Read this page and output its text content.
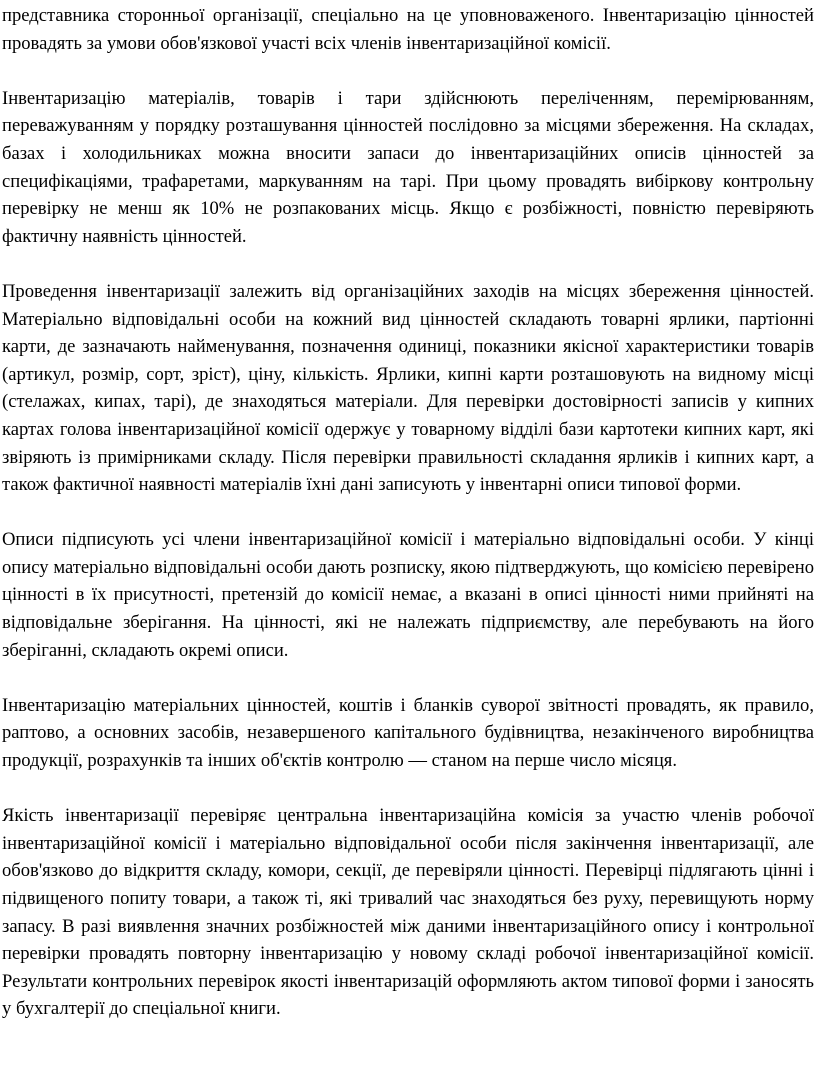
представника сторонньої організації, спеціально на це уповноваженого. Інвентаризацію цінностей провадять за умови обов'язкової участі всіх членів інвентаризаційної комісії.

Інвентаризацію матеріалів, товарів і тари здійснюють переліченням, перемірюванням, переважуванням у порядку розташування цінностей послідовно за місцями збереження. На складах, базах і холодильниках можна вносити запаси до інвентаризаційних описів цінностей за специфікаціями, трафаретами, маркуванням на тарі. При цьому провадять вибіркову контрольну перевірку не менш як 10% не розпакованих місць. Якщо є розбіжності, повністю перевіряють фактичну наявність цінностей.

Проведення інвентаризації залежить від організаційних заходів на місцях збереження цінностей. Матеріально відповідальні особи на кожний вид цінностей складають товарні ярлики, партіонні карти, де зазначають найменування, позначення одиниці, показники якісної характеристики товарів (артикул, розмір, сорт, зріст), ціну, кількість. Ярлики, кипні карти розташовують на видному місці (стелажах, кипах, тарі), де знаходяться матеріали. Для перевірки достовірності записів у кипних картах голова інвентаризаційної комісії одержує у товарному відділі бази картотеки кипних карт, які звіряють із примірниками складу. Після перевірки правильності складання ярликів і кипних карт, а також фактичної наявності матеріалів їхні дані записують у інвентарні описи типової форми.

Описи підписують усі члени інвентаризаційної комісії і матеріально відповідальні особи. У кінці опису матеріально відповідальні особи дають розписку, якою підтверджують, що комісією перевірено цінності в їх присутності, претензій до комісії немає, а вказані в описі цінності ними прийняті на відповідальне зберігання. На цінності, які не належать підприємству, але перебувають на його зберіганні, складають окремі описи.

Інвентаризацію матеріальних цінностей, коштів і бланків суворої звітності провадять, як правило, раптово, а основних засобів, незавершеного капітального будівництва, незакінченого виробництва продукції, розрахунків та інших об'єктів контролю — станом на перше число місяця.

Якість інвентаризації перевіряє центральна інвентаризаційна комісія за участю членів робочої інвентаризаційної комісії і матеріально відповідальної особи після закінчення інвентаризації, але обов'язково до відкриття складу, комори, секції, де перевіряли цінності. Перевірці підлягають цінні і підвищеного попиту товари, а також ті, які тривалий час знаходяться без руху, перевищують норму запасу. В разі виявлення значних розбіжностей між даними інвентаризаційного опису і контрольної перевірки провадять повторну інвентаризацію у новому складі робочої інвентаризаційної комісії. Результати контрольних перевірок якості інвентаризацій оформляють актом типової форми і заносять у бухгалтерії до спеціальної книги.
